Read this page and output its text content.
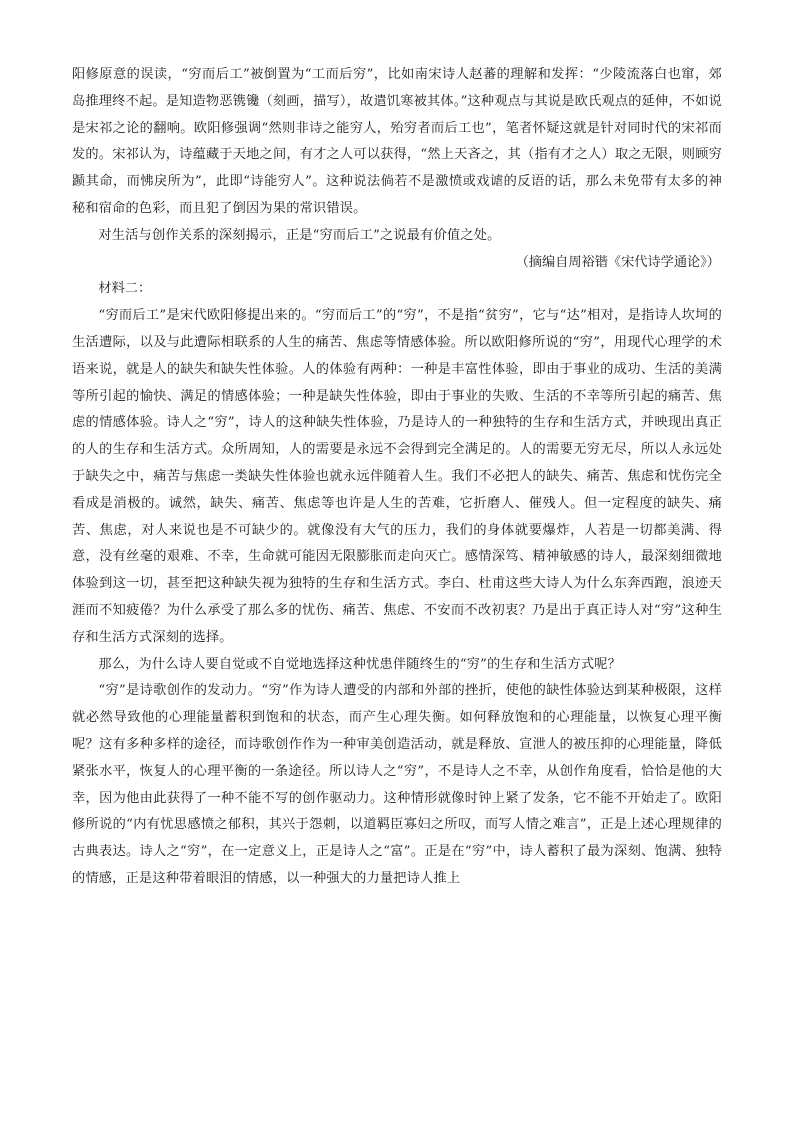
阳修原意的误读，“穷而后工”被倒置为“工而后穷”，比如南宋诗人赵蕃的理解和发挥：“少陵流落白也窜，郊岛推理终不起。是知造物恶镌镵（刻画，描写），故遣饥寒被其体。”这种观点与其说是欧氏观点的延伸，不如说是宋祁之论的翻响。欧阳修强调“然则非诗之能穷人，殆穷者而后工也”，笔者怀疑这就是针对同时代的宋祁而发的。宋祁认为，诗蕴藏于天地之间，有才之人可以获得，“然上天吝之，其（指有才之人）取之无限，则顾穷踬其命，而怫戾所为”，此即“诗能穷人”。这种说法倘若不是激愤或戏谑的反语的话，那么未免带有太多的神秘和宿命的色彩，而且犯了倒因为果的常识错误。

对生活与创作关系的深刻揭示，正是“穷而后工”之说最有价值之处。

（摘编自周裕锴《宋代诗学通论》）

材料二：

“穷而后工”是宋代欧阳修提出来的。“穷而后工”的“穷”，不是指“贫穷”，它与“达”相对，是指诗人坎坷的生活遭际，以及与此遭际相联系的人生的痛苦、焦虑等情感体验。所以欧阳修所说的“穷”，用现代心理学的术语来说，就是人的缺失和缺失性体验。人的体验有两种：一种是丰富性体验，即由于事业的成功、生活的美满等所引起的愉快、满足的情感体验；一种是缺失性体验，即由于事业的失败、生活的不幸等所引起的痛苦、焦虑的情感体验。诗人之“穷”，诗人的这种缺失性体验，乃是诗人的一种独特的生存和生活方式，并映现出真正的人的生存和生活方式。众所周知，人的需要是永远不会得到完全满足的。人的需要无穷无尽，所以人永远处于缺失之中，痛苦与焦虑一类缺失性体验也就永远伴随着人生。我们不必把人的缺失、痛苦、焦虑和忧伤完全看成是消极的。诚然，缺失、痛苦、焦虑等也许是人生的苦难，它折磨人、催残人。但一定程度的缺失、痛苦、焦虑，对人来说也是不可缺少的。就像没有大气的压力，我们的身体就要爆炸，人若是一切都美满、得意，没有丝毫的艰难、不幸，生命就可能因无限膨胀而走向灭亡。感情深笃、精神敏感的诗人，最深刻细微地体验到这一切，甚至把这种缺失视为独特的生存和生活方式。李白、杜甫这些大诗人为什么东奔西跑，浪迹天涯而不知疲倦？为什么承受了那么多的忧伤、痛苦、焦虑、不安而不改初衷？乃是出于真正诗人对“穷”这种生存和生活方式深刻的选择。

那么，为什么诗人要自觉或不自觉地选择这种忧患伴随终生的“穷”的生存和生活方式呢？

“穷”是诗歌创作的发动力。“穷”作为诗人遭受的内部和外部的挫折，使他的缺性体验达到某种极限，这样就必然导致他的心理能量蓄积到饱和的状态，而产生心理失衡。如何释放饱和的心理能量，以恢复心理平衡呢？这有多种多样的途径，而诗歌创作作为一种审美创造活动，就是释放、宣泄人的被压抑的心理能量，降低紧张水平，恢复人的心理平衡的一条途径。所以诗人之“穷”，不是诗人之不幸，从创作角度看，恰恰是他的大幸，因为他由此获得了一种不能不写的创作驱动力。这种情形就像时钟上紧了发条，它不能不开始走了。欧阳修所说的“内有忧思感愤之郁积，其兴于怨刺，以道羁臣寡妇之所叹，而写人情之难言”，正是上述心理规律的古典表达。诗人之“穷”，在一定意义上，正是诗人之“富”。正是在“穷”中，诗人蓄积了最为深刻、饱满、独特的情感，正是这种带着眼泪的情感，以一种强大的力量把诗人推上
